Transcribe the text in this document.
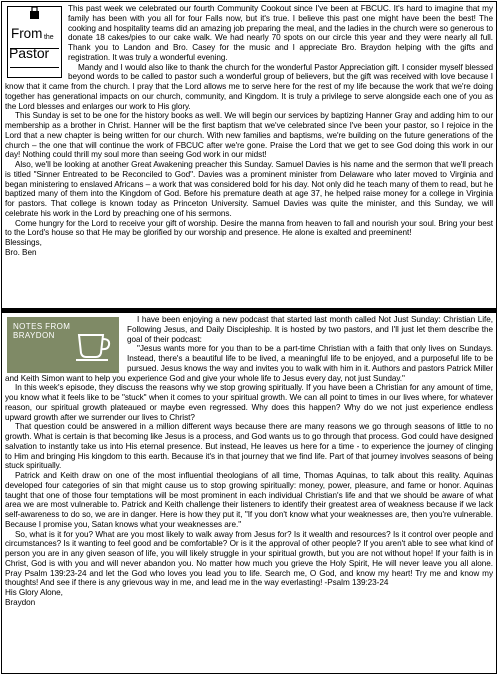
From the
Pastor

This past week we celebrated our fourth Community Cookout since I've been at FBCUC. It's hard to imagine that my family has been with you all for four Falls now, but it's true. I believe this past one might have been the best! The cooking and hospitality teams did an amazing job preparing the meal, and the ladies in the church were so generous to donate 18 cakes/pies to our cake walk. We had nearly 70 spots on our circle this year and they were nearly all full. Thank you to Landon and Bro. Casey for the music and I appreciate Bro. Braydon helping with the gifts and registration. It was truly a wonderful evening.

Mandy and I would also like to thank the church for the wonderful Pastor Appreciation gift. I consider myself blessed beyond words to be called to pastor such a wonderful group of believers, but the gift was received with love because I know that it came from the church. I pray that the Lord allows me to serve here for the rest of my life because the work that we're doing together has generational impacts on our church, community, and Kingdom. It is truly a privilege to serve alongside each one of you as the Lord blesses and enlarges our work to His glory.

This Sunday is set to be one for the history books as well. We will begin our services by baptizing Hanner Gray and adding him to our membership as a brother in Christ. Hanner will be the first baptism that we've celebrated since I've been your pastor, so I rejoice in the Lord that a new chapter is being written for our church. With new families and baptisms, we're building on the future generations of the church – the one that will continue the work of FBCUC after we're gone. Praise the Lord that we get to see God doing this work in our day! Nothing could thrill my soul more than seeing God work in our midst!

Also, we'll be looking at another Great Awakening preacher this Sunday. Samuel Davies is his name and the sermon that we'll preach is titled "Sinner Entreated to be Reconciled to God". Davies was a prominent minister from Delaware who later moved to Virginia and began ministering to enslaved Africans – a work that was considered bold for his day. Not only did he teach many of them to read, but he baptized many of them into the Kingdom of God. Before his premature death at age 37, he helped raise money for a college in Virginia for pastors. That college is known today as Princeton University. Samuel Davies was quite the minister, and this Sunday, we will celebrate his work in the Lord by preaching one of his sermons.

Come hungry for the Lord to receive your gift of worship. Desire the manna from heaven to fall and nourish your soul. Bring your best to the Lord's house so that He may be glorified by our worship and presence. He alone is exalted and preeminent!

Blessings,
Bro. Ben
NOTES FROM
BRAYDON

I have been enjoying a new podcast that started last month called Not Just Sunday: Christian Life, Following Jesus, and Daily Discipleship. It is hosted by two pastors, and I'll just let them describe the goal of their podcast:

"Jesus wants more for you than to be a part-time Christian with a faith that only lives on Sundays. Instead, there's a beautiful life to be lived, a meaningful life to be enjoyed, and a purposeful life to be pursued. Jesus knows the way and invites you to walk with him in it. Authors and pastors Patrick Miller and Keith Simon want to help you experience God and give your whole life to Jesus every day, not just Sunday."

In this week's episode, they discuss the reasons why we stop growing spiritually. If you have been a Christian for any amount of time, you know what it feels like to be "stuck" when it comes to your spiritual growth. We can all point to times in our lives where, for whatever reason, our spiritual growth plateaued or maybe even regressed. Why does this happen? Why do we not just experience endless upward growth after we surrender our lives to Christ?

That question could be answered in a million different ways because there are many reasons we go through seasons of little to no growth. What is certain is that becoming like Jesus is a process, and God wants us to go through that process. God could have designed salvation to instantly take us into His eternal presence. But instead, He leaves us here for a time - to experience the journey of clinging to Him and bringing His kingdom to this earth. Because it's in that journey that we find life. Part of that journey involves seasons of being stuck spiritually.

Patrick and Keith draw on one of the most influential theologians of all time, Thomas Aquinas, to talk about this reality. Aquinas developed four categories of sin that might cause us to stop growing spiritually: money, power, pleasure, and fame or honor. Aquinas taught that one of those four temptations will be most prominent in each individual Christian's life and that we should be aware of what area we are most vulnerable to. Patrick and Keith challenge their listeners to identify their greatest area of weakness because if we lack self-awareness to do so, we are in danger. Here is how they put it, "If you don't know what your weaknesses are, then you're vulnerable. Because I promise you, Satan knows what your weaknesses are."

So, what is it for you? What are you most likely to walk away from Jesus for? Is it wealth and resources? Is it control over people and circumstances? Is it wanting to feel good and be comfortable? Or is it the approval of other people? If you aren't able to see what kind of person you are in any given season of life, you will likely struggle in your spiritual growth, but you are not without hope! If your faith is in Christ, God is with you and will never abandon you. No matter how much you grieve the Holy Spirit, He will never leave you all alone. Pray Psalm 139:23-24 and let the God who loves you lead you to life. Search me, O God, and know my heart! Try me and know my thoughts! And see if there is any grievous way in me, and lead me in the way everlasting! -Psalm 139:23-24

His Glory Alone,
Braydon
